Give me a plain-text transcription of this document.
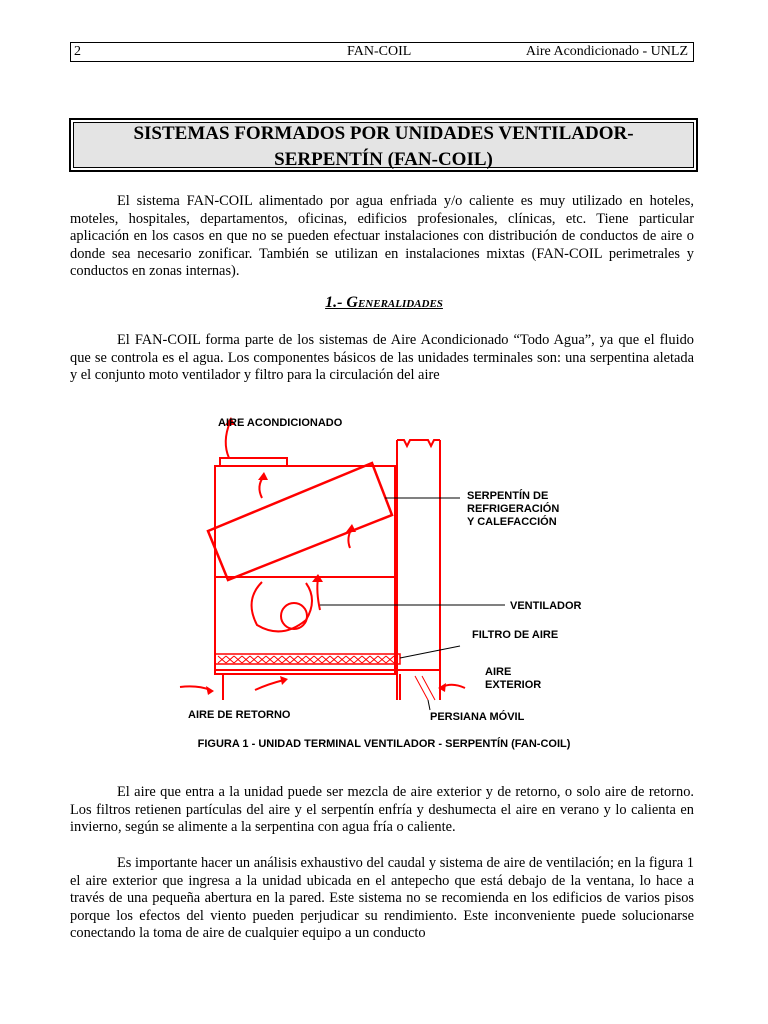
2	FAN-COIL	Aire Acondicionado - UNLZ
SISTEMAS FORMADOS POR UNIDADES VENTILADOR-
SERPENTÍN (FAN-COIL)
El sistema FAN-COIL alimentado por agua enfriada y/o caliente es muy utilizado en hoteles, moteles, hospitales, departamentos, oficinas, edificios profesionales, clínicas, etc. Tiene particular aplicación en los casos en que no se pueden efectuar instalaciones con distribución de conductos de aire o donde sea necesario zonificar. También se utilizan en instalaciones mixtas (FAN-COIL perimetrales y conductos en zonas internas).
1.- Generalidades
El FAN-COIL forma parte de los sistemas de Aire Acondicionado “Todo Agua”, ya que el fluido que se controla es el agua. Los componentes básicos de las unidades terminales son: una serpentina aletada y el conjunto moto ventilador y filtro para la circulación del aire
AIRE ACONDICIONADO
SERPENTÍN DE
REFRIGERACIÓN
Y CALEFACCIÓN
VENTILADOR
FILTRO DE AIRE
AIRE
EXTERIOR
AIRE DE RETORNO	PERSIANA MÓVIL
FIGURA 1 - UNIDAD TERMINAL VENTILADOR - SERPENTÍN (FAN-COIL)
El aire que entra a la unidad puede ser mezcla de aire exterior y de retorno, o solo aire de retorno. Los filtros retienen partículas del aire y el serpentín enfría y deshumecta el aire en verano y lo calienta en invierno, según se alimente a la serpentina con agua fría o caliente.
Es importante hacer un análisis exhaustivo del caudal y sistema de aire de ventilación; en la figura 1 el aire exterior que ingresa a la unidad ubicada en el antepecho que está debajo de la ventana, lo hace a través de una pequeña abertura en la pared. Este sistema no se recomienda en los edificios de varios pisos porque los efectos del viento pueden perjudicar su rendimiento. Este inconveniente puede solucionarse conectando la toma de aire de cualquier equipo a un conducto
